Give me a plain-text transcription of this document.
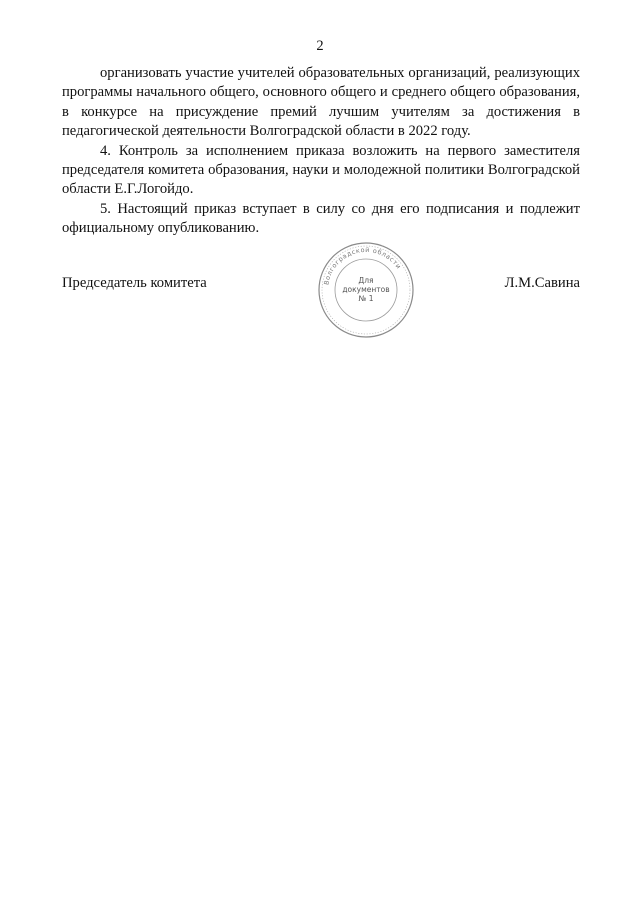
2

организовать участие учителей образовательных организаций, реализующих программы начального общего, основного общего и среднего общего образования, в конкурсе на присуждение премий лучшим учителям за достижения в педагогической деятельности Волгоградской области в 2022 году.

4. Контроль за исполнением приказа возложить на первого заместителя председателя комитета образования, науки и молодежной политики Волгоградской области Е.Г.Логойдо.

5. Настоящий приказ вступает в силу со дня его подписания и подлежит официальному опубликованию.

Председатель комитета	Л.М.Савина
Волгоградской области
Для
документов
№ 1
